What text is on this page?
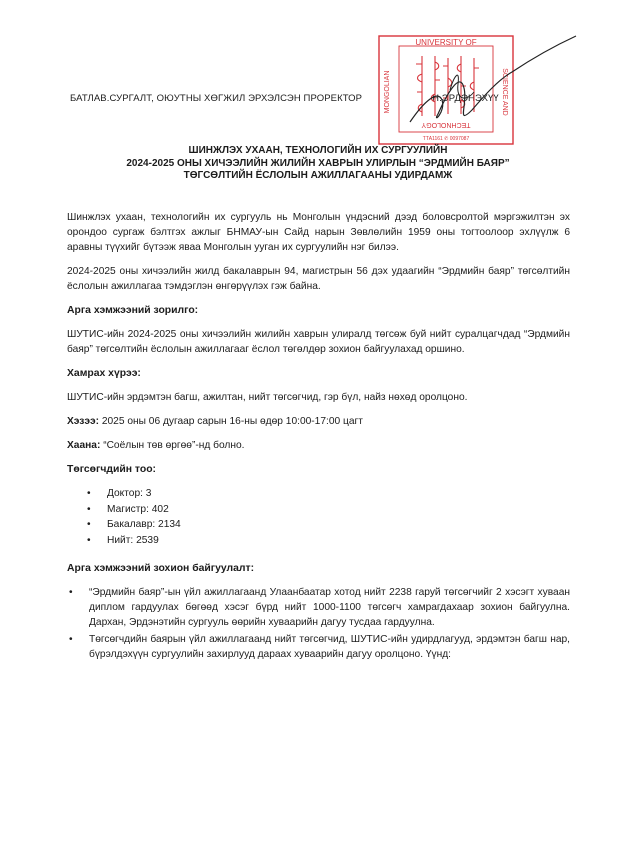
БАТЛАВ.СУРГАЛТ, ОЮУТНЫ ХӨГЖИЛ ЭРХЭЛСЭН ПРОРЕКТОР	Н.ЭРДЭНЭХҮҮ
UNIVERSITY OF
MONGOLIAN	SCIENCE AND
TECHNOLOGY
ТТА1161 ✆ 0097087
ШИНЖЛЭХ УХААН, ТЕХНОЛОГИЙН ИХ СУРГУУЛИЙН
2024-2025 ОНЫ ХИЧЭЭЛИЙН ЖИЛИЙН ХАВРЫН УЛИРЛЫН “ЭРДМИЙН БАЯР”
ТӨГСӨЛТИЙН ЁСЛОЛЫН АЖИЛЛАГААНЫ УДИРДАМЖ

Шинжлэх ухаан, технологийн их сургууль нь Монголын үндэсний дээд боловсролтой мэргэжилтэн эх орондоо сургаж бэлтгэх ажлыг БНМАУ-ын Сайд нарын Зөвлөлийн 1959 оны тогтоолоор эхлүүлж 6 аравны түүхийг бүтээж яваа Монголын ууган их сургуулийн нэг билээ.

2024-2025 оны хичээлийн жилд бакалаврын 94, магистрын 56 дэх удаагийн “Эрдмийн баяр” төгсөлтийн ёслолын ажиллагаа тэмдэглэн өнгөрүүлэх гэж байна.

Арга хэмжээний зорилго:

ШУТИС-ийн 2024-2025 оны хичээлийн жилийн хаврын улиралд төгсөж буй нийт суралцагчдад “Эрдмийн баяр” төгсөлтийн ёслолын ажиллагааг ёслол төгөлдөр зохион байгуулахад оршино.

Хамрах хүрээ:

ШУТИС-ийн эрдэмтэн багш, ажилтан, нийт төгсөгчид, гэр бүл, найз нөхөд оролцоно.

Хэзээ: 2025 оны 06 дугаар сарын 16-ны өдөр 10:00-17:00 цагт

Хаана: “Соёлын төв өргөө”-нд болно.

Төгсөгчдийн тоо:
• Доктор: 3
• Магистр: 402
• Бакалавр: 2134
• Нийт: 2539
Арга хэмжээний зохион байгуулалт:
• “Эрдмийн баяр”-ын үйл ажиллагаанд Улаанбаатар хотод нийт 2238 гаруй төгсөгчийг 2 хэсэгт хуваан диплом гардуулах бөгөөд хэсэг бүрд нийт 1000-1100 төгсөгч хамрагдахаар зохион байгуулна. Дархан, Эрдэнэтийн сургууль өөрийн хуваарийн дагуу тусдаа гардуулна.
• Төгсөгчдийн баярын үйл ажиллагаанд нийт төгсөгчид, ШУТИС-ийн удирдлагууд, эрдэмтэн багш нар, бүрэлдэхүүн сургуулийн захирлууд дараах хуваарийн дагуу оролцоно. Үүнд:
